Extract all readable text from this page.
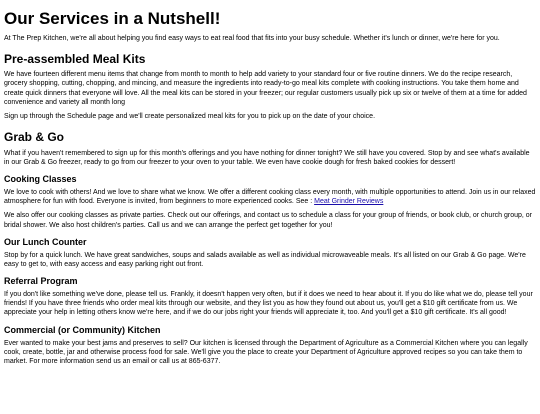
Our Services in a Nutshell!

At The Prep Kitchen, we're all about helping you find easy ways to eat real food that fits into your busy schedule. Whether it's lunch or dinner, we're here for you.

Pre-assembled Meal Kits

We have fourteen different menu items that change from month to month to help add variety to your standard four or five routine dinners. We do the recipe research, grocery shopping, cutting, chopping, and mincing, and measure the ingredients into ready-to-go meal kits complete with cooking instructions. You take them home and create quick dinners that everyone will love. All the meal kits can be stored in your freezer; our regular customers usually pick up six or twelve of them at a time for added convenience and variety all month long

Sign up through the Schedule page and we'll create personalized meal kits for you to pick up on the date of your choice.

Grab & Go

What if you haven't remembered to sign up for this month's offerings and you have nothing for dinner tonight? We still have you covered. Stop by and see what's available in our Grab & Go freezer, ready to go from our freezer to your oven to your table. We even have cookie dough for fresh baked cookies for dessert!

Cooking Classes

We love to cook with others! And we love to share what we know. We offer a different cooking class every month, with multiple opportunities to attend. Join us in our relaxed atmosphere for fun with food. Everyone is invited, from beginners to more experienced cooks. See : Meat Grinder Reviews

We also offer our cooking classes as private parties. Check out our offerings, and contact us to schedule a class for your group of friends, or book club, or church group, or bridal shower. We also host children's parties. Call us and we can arrange the perfect get together for you!

Our Lunch Counter

Stop by for a quick lunch. We have great sandwiches, soups and salads available as well as individual microwaveable meals. It's all listed on our Grab & Go page. We're easy to get to, with easy access and easy parking right out front.

Referral Program

If you don't like something we've done, please tell us. Frankly, it doesn't happen very often, but if it does we need to hear about it. If you do like what we do, please tell your friends! If you have three friends who order meal kits through our website, and they list you as how they found out about us, you'll get a $10 gift certificate from us. We appreciate your help in letting others know we're here, and if we do our jobs right your friends will appreciate it, too. And you'll get a $10 gift certificate. It's all good!

Commercial (or Community) Kitchen

Ever wanted to make your best jams and preserves to sell? Our kitchen is licensed through the Department of Agriculture as a Commercial Kitchen where you can legally cook, create, bottle, jar and otherwise process food for sale. We'll give you the place to create your Department of Agriculture approved recipes so you can take them to market. For more information send us an email or call us at 865-6377.
